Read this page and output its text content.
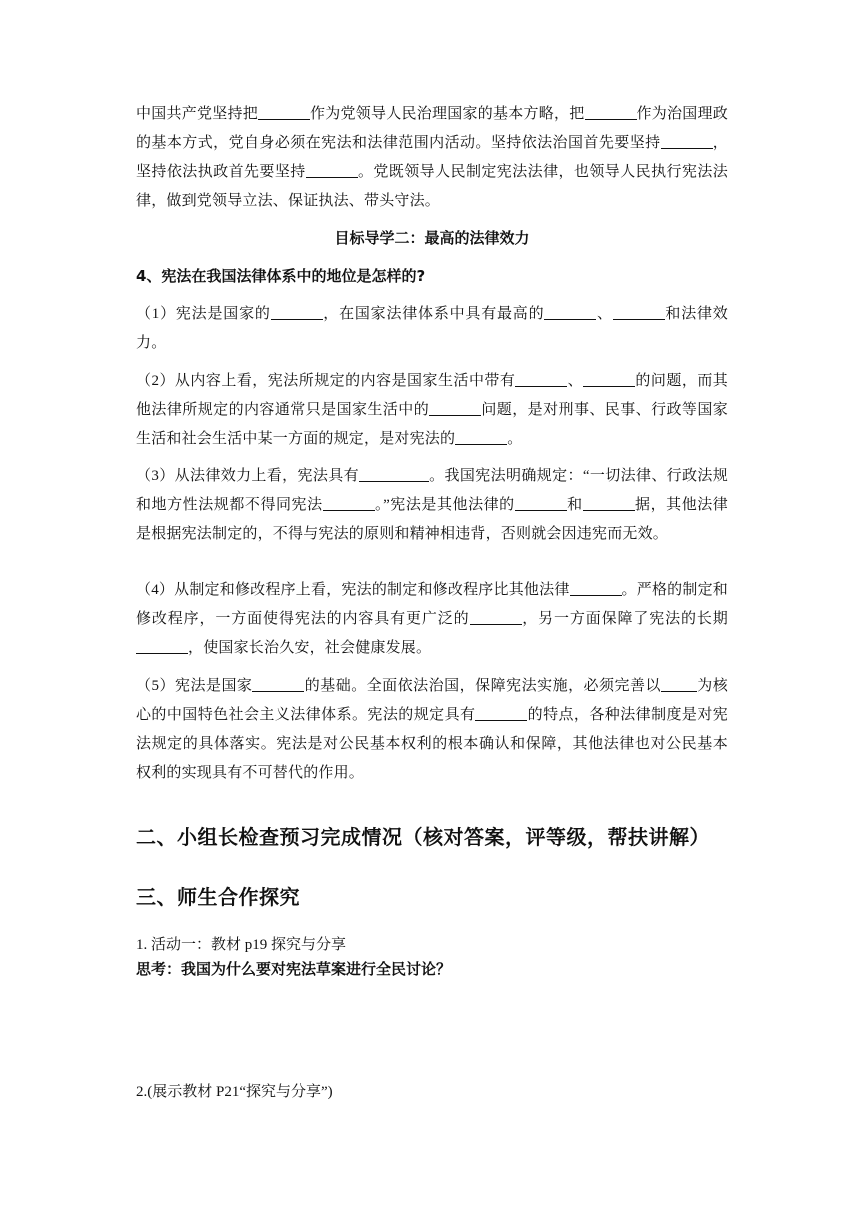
中国共产党坚持把	作为党领导人民治理国家的基本方略，把	作为治国理政的基本方式，党自身必须在宪法和法律范围内活动。坚持依法治国首先要坚持	，坚持依法执政首先要坚持	。党既领导人民制定宪法法律，也领导人民执行宪法法律，做到党领导立法、保证执法、带头守法。
目标导学二：最高的法律效力
4、宪法在我国法律体系中的地位是怎样的?
（1）宪法是国家的	，在国家法律体系中具有最高的	、	和法律效力。
（2）从内容上看，宪法所规定的内容是国家生活中带有	、	的问题，而其他法律所规定的内容通常只是国家生活中的	问题，是对刑事、民事、行政等国家生活和社会生活中某一方面的规定，是对宪法的	。
（3）从法律效力上看，宪法具有	。我国宪法明确规定：“一切法律、行政法规和地方性法规都不得同宪法	。”宪法是其他法律的	和	据，其他法律是根据宪法制定的，不得与宪法的原则和精神相违背，否则就会因违宪而无效。
（4）从制定和修改程序上看，宪法的制定和修改程序比其他法律	。严格的制定和修改程序，一方面使得宪法的内容具有更广泛的	，另一方面保障了宪法的长期，使国家长治久安，社会健康发展。
（5）宪法是国家	的基础。全面依法治国，保障宪法实施，必须完善以 为核心的中国特色社会主义法律体系。宪法的规定具有	的特点，各种法律制度是对宪法规定的具体落实。宪法是对公民基本权利的根本确认和保障，其他法律也对公民基本权利的实现具有不可替代的作用。
二、小组长检查预习完成情况（核对答案，评等级，帮扶讲解）
三、师生合作探究
1. 活动一：教材 p19 探究与分享
思考：我国为什么要对宪法草案进行全民讨论？
2.(展示教材 P21“探究与分享”)
